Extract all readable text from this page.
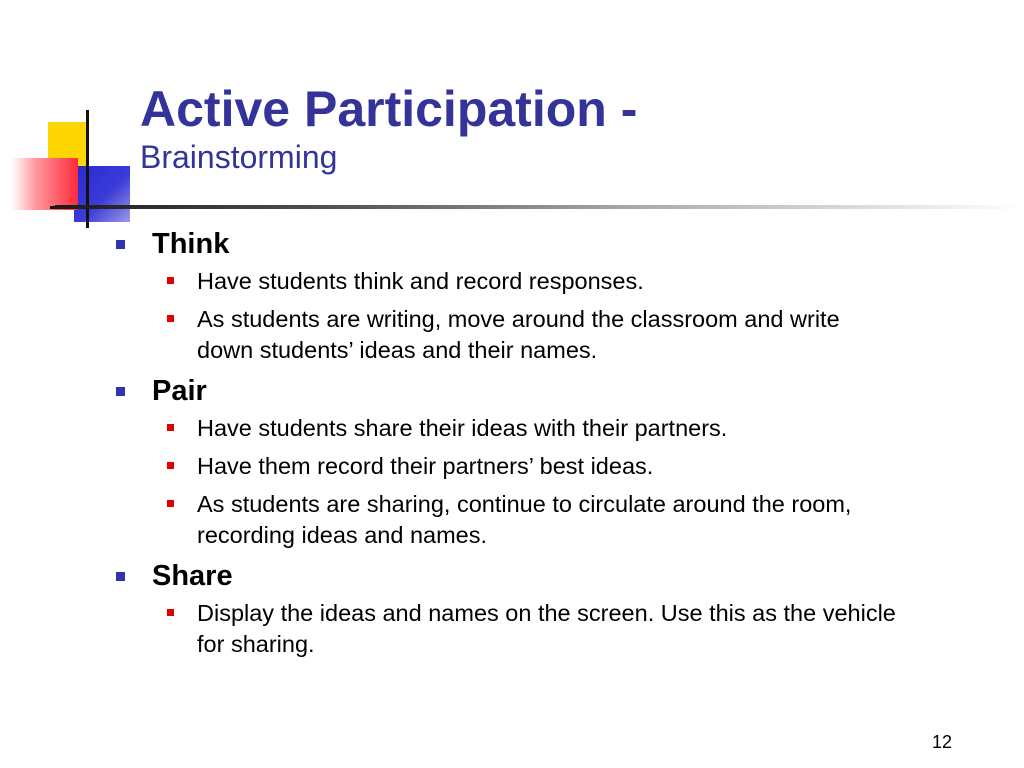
Active Participation -
Brainstorming
Think
Have students think and record responses.
As students are writing, move around the classroom and write down students’ ideas and their names.
Pair
Have students share their ideas with their partners.
Have them record their partners’ best ideas.
As students are sharing, continue to circulate around the room, recording ideas and names.
Share
Display the ideas and names on the screen. Use this as the vehicle for sharing.
12
